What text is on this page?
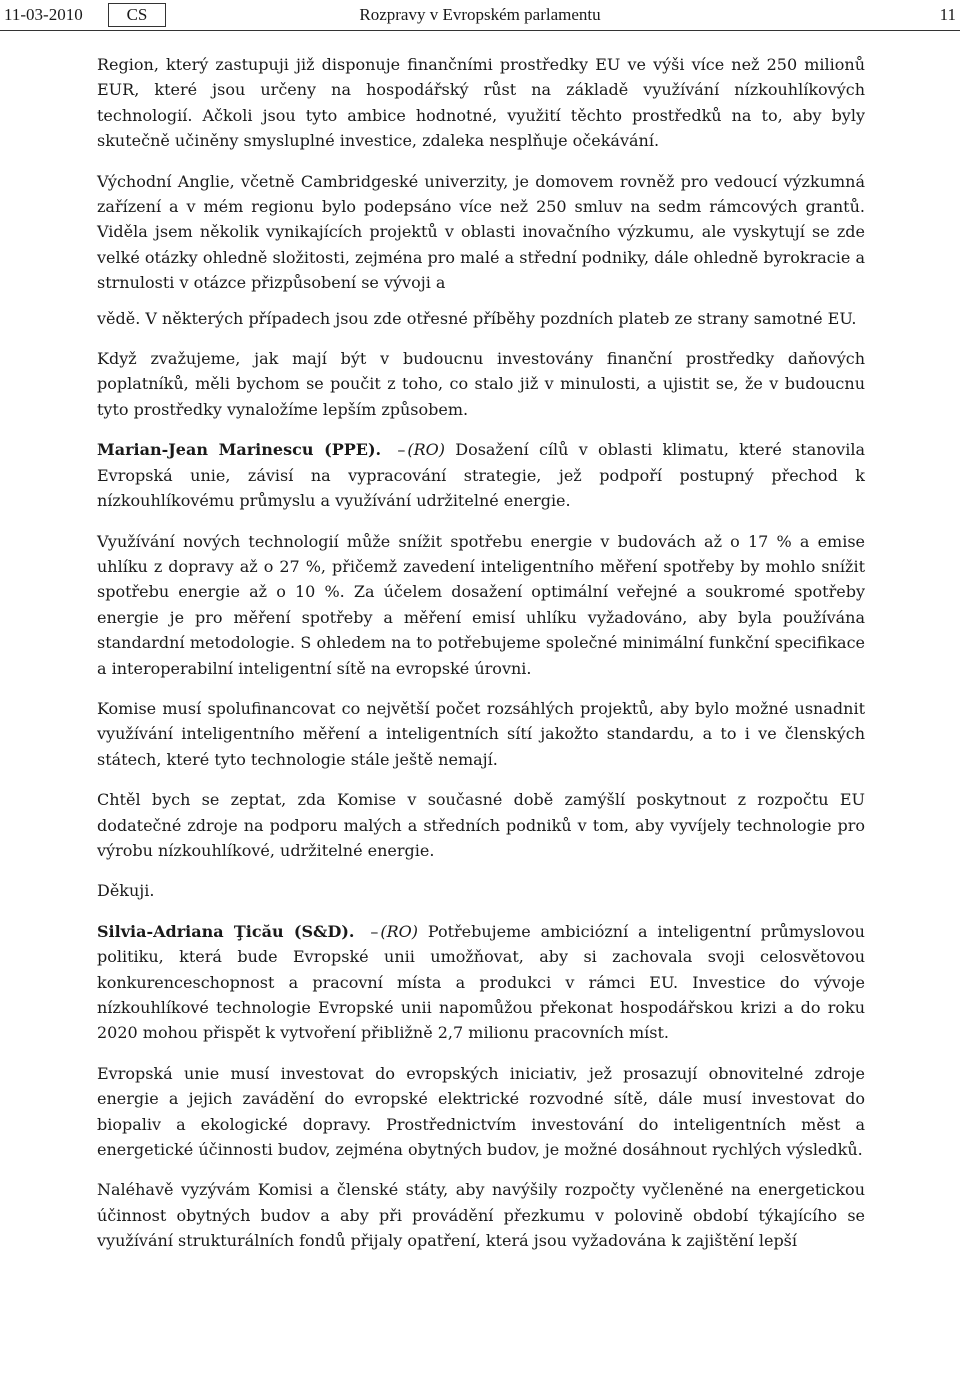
11-03-2010	CS	Rozpravy v Evropském parlamentu	11

Region, který zastupuji již disponuje finančními prostředky EU ve výši více než 250 milionů EUR, které jsou určeny na hospodářský růst na základě využívání nízkouhlíkových technologií. Ačkoli jsou tyto ambice hodnotné, využití těchto prostředků na to, aby byly skutečně učiněny smysluplné investice, zdaleka nesplňuje očekávání.

Východní Anglie, včetně Cambridgeské univerzity, je domovem rovněž pro vedoucí výzkumná zařízení a v mém regionu bylo podepsáno více než 250 smluv na sedm rámcových grantů. Viděla jsem několik vynikajících projektů v oblasti inovačního výzkumu, ale vyskytují se zde velké otázky ohledně složitosti, zejména pro malé a střední podniky, dále ohledně byrokracie a strnulosti v otázce přizpůsobení se vývoji a

vědě. V některých případech jsou zde otřesné příběhy pozdních plateb ze strany samotné EU.

Když zvažujeme, jak mají být v budoucnu investovány finanční prostředky daňových poplatníků, měli bychom se poučit z toho, co stalo již v minulosti, a ujistit se, že v budoucnu tyto prostředky vynaložíme lepším způsobem.

Marian-Jean Marinescu (PPE). – (RO) Dosažení cílů v oblasti klimatu, které stanovila Evropská unie, závisí na vypracování strategie, jež podpoří postupný přechod k nízkouhlíkovému průmyslu a využívání udržitelné energie.

Využívání nových technologií může snížit spotřebu energie v budovách až o 17 % a emise uhlíku z dopravy až o 27 %, přičemž zavedení inteligentního měření spotřeby by mohlo snížit spotřebu energie až o 10 %. Za účelem dosažení optimální veřejné a soukromé spotřeby energie je pro měření spotřeby a měření emisí uhlíku vyžadováno, aby byla používána standardní metodologie. S ohledem na to potřebujeme společné minimální funkční specifikace a interoperabilní inteligentní sítě na evropské úrovni.

Komise musí spolufinancovat co největší počet rozsáhlých projektů, aby bylo možné usnadnit využívání inteligentního měření a inteligentních sítí jakožto standardu, a to i ve členských státech, které tyto technologie stále ještě nemají.

Chtěl bych se zeptat, zda Komise v současné době zamýšlí poskytnout z rozpočtu EU dodatečné zdroje na podporu malých a středních podniků v tom, aby vyvíjely technologie pro výrobu nízkouhlíkové, udržitelné energie.

Děkuji.

Silvia-Adriana Ţicău (S&D). – (RO) Potřebujeme ambiciózní a inteligentní průmyslovou politiku, která bude Evropské unii umožňovat, aby si zachovala svoji celosvětovou konkurenceschopnost a pracovní místa a produkci v rámci EU. Investice do vývoje nízkouhlíkové technologie Evropské unii napomůžou překonat hospodářskou krizi a do roku 2020 mohou přispět k vytvoření přibližně 2,7 milionu pracovních míst.

Evropská unie musí investovat do evropských iniciativ, jež prosazují obnovitelné zdroje energie a jejich zavádění do evropské elektrické rozvodné sítě, dále musí investovat do biopaliv a ekologické dopravy. Prostřednictvím investování do inteligentních měst a energetické účinnosti budov, zejména obytných budov, je možné dosáhnout rychlých výsledků.

Naléhavě vyzývám Komisi a členské státy, aby navýšily rozpočty vyčleněné na energetickou účinnost obytných budov a aby při provádění přezkumu v polovině období týkajícího se využívání strukturálních fondů přijaly opatření, která jsou vyžadována k zajištění lepší
